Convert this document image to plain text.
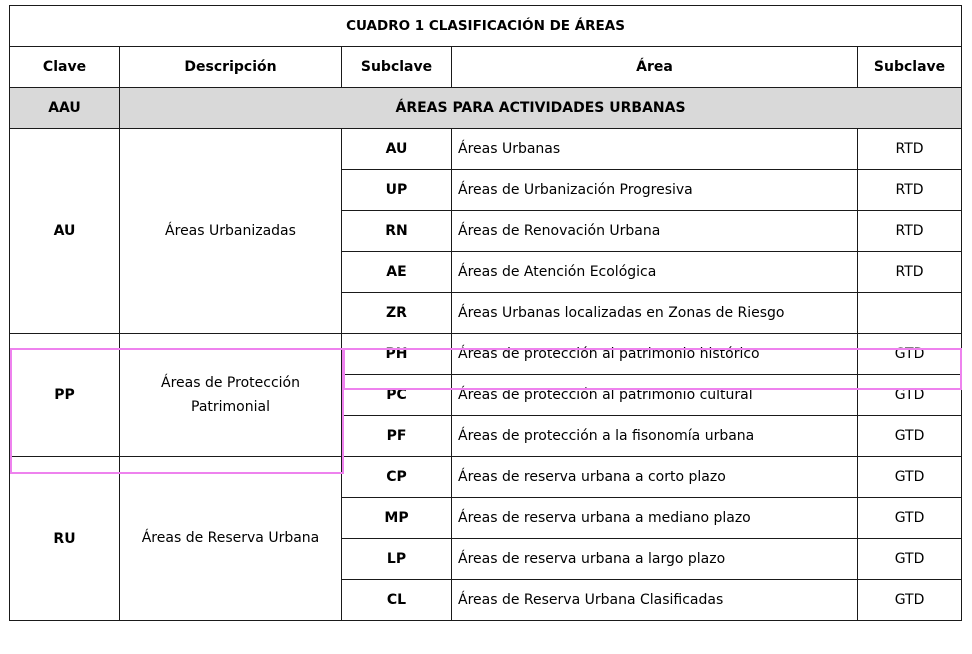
CUADRO 1 CLASIFICACIÓN DE ÁREAS				
Clave	Descripción	Subclave	Área	Subclave
AAU	ÁREAS PARA ACTIVIDADES URBANAS			
AU	Áreas Urbanizadas	AU	Áreas Urbanas	RTD
		UP	Áreas de Urbanización Progresiva	RTD
		RN	Áreas de Renovación Urbana	RTD
		AE	Áreas de Atención Ecológica	RTD
		ZR	Áreas Urbanas localizadas en Zonas de Riesgo	
PP	Áreas de Protección Patrimonial	PH	Áreas de protección al patrimonio histórico	GTD
		PC	Áreas de protección al patrimonio cultural	GTD
		PF	Áreas de protección a la fisonomía urbana	GTD
RU	Áreas de Reserva Urbana	CP	Áreas de reserva urbana a corto plazo	GTD
		MP	Áreas de reserva urbana a mediano plazo	GTD
		LP	Áreas de reserva urbana a largo plazo	GTD
		CL	Áreas de Reserva Urbana Clasificadas	GTD
